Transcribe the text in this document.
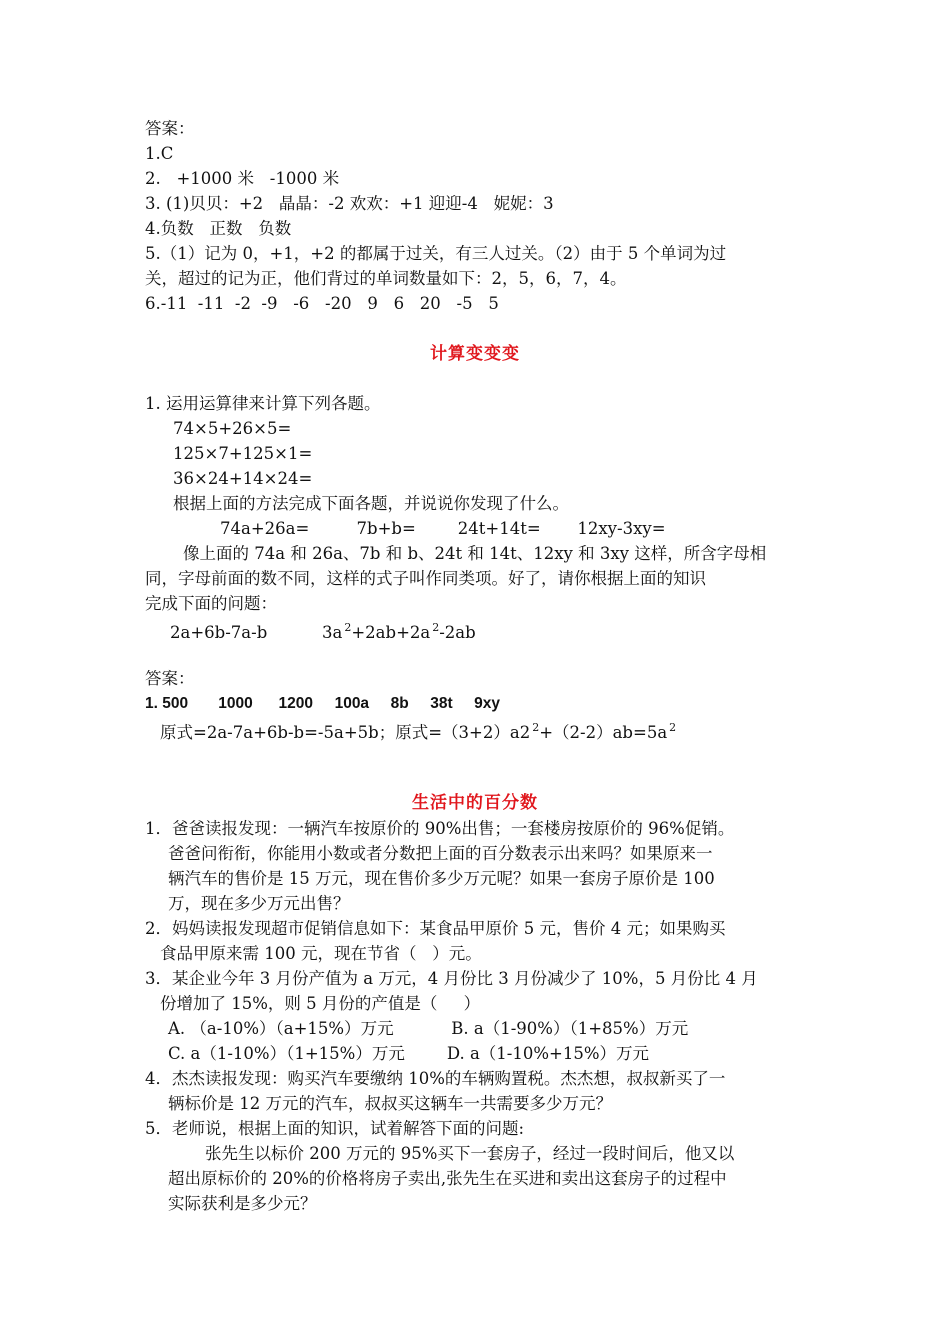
答案：
1.C
2.   +1000 米   -1000 米
3. (1)贝贝：+2   晶晶：-2 欢欢：+1 迎迎-4   妮妮：3
4.负数   正数   负数
5.（1）记为 0，+1，+2 的都属于过关，有三人过关。（2）由于 5 个单词为过
关，超过的记为正，他们背过的单词数量如下：2，5，6，7，4。
6.-11  -11  -2  -9   -6   -20   9   6   20   -5   5
计算变变变
1. 运用运算律来计算下列各题。
74×5+26×5=
125×7+125×1=
36×24+14×24=
根据上面的方法完成下面各题，并说说你发现了什么。
74a+26a=         7b+b=        24t+14t=       12xy-3xy=
像上面的 74a 和 26a、7b 和 b、24t 和 14t、12xy 和 3xy 这样，所含字母相
同，字母前面的数不同，这样的式子叫作同类项。好了，请你根据上面的知识
完成下面的问题：
2a+6b-7a-b	3a $^2$+2ab+2a $^2$-2ab
答案：
1. 500       1000      1200     100a     8b     38t     9xy
原式=2a-7a+6b-b=-5a+5b；原式=（3+2）a2 $^2$+（2-2）ab=5a $^2$
生活中的百分数
1．爸爸读报发现：一辆汽车按原价的 90%出售；一套楼房按原价的 96%促销。
爸爸问衔衔，你能用小数或者分数把上面的百分数表示出来吗？如果原来一
辆汽车的售价是 15 万元，现在售价多少万元呢？如果一套房子原价是 100
万，现在多少万元出售？
2．妈妈读报发现超市促销信息如下：某食品甲原价 5 元，售价 4 元；如果购买
食品甲原来需 100 元，现在节省（   ）元。
3．某企业今年 3 月份产值为 a 万元，4 月份比 3 月份减少了 10%，5 月份比 4 月
份增加了 15%，则 5 月份的产值是（     ）
A. （a-10%）（a+15%）万元           B. a（1-90%）（1+85%）万元
C. a（1-10%）（1+15%）万元        D. a（1-10%+15%）万元
4．杰杰读报发现：购买汽车要缴纳 10%的车辆购置税。杰杰想，叔叔新买了一
辆标价是 12 万元的汽车，叔叔买这辆车一共需要多少万元？
5．老师说，根据上面的知识，试着解答下面的问题:
张先生以标价 200 万元的 95%买下一套房子，经过一段时间后，他又以
超出原标价的 20%的价格将房子卖出,张先生在买进和卖出这套房子的过程中
实际获利是多少元？
